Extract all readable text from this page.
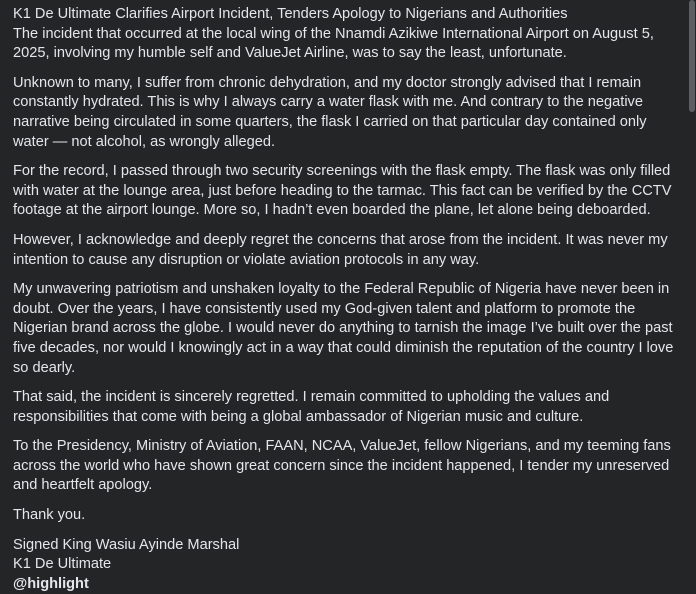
K1 De Ultimate Clarifies Airport Incident, Tenders Apology to Nigerians and Authorities
The incident that occurred at the local wing of the Nnamdi Azikiwe International Airport on August 5, 2025, involving my humble self and ValueJet Airline, was to say the least, unfortunate.

Unknown to many, I suffer from chronic dehydration, and my doctor strongly advised that I remain constantly hydrated. This is why I always carry a water flask with me. And contrary to the negative narrative being circulated in some quarters, the flask I carried on that particular day contained only water — not alcohol, as wrongly alleged.

For the record, I passed through two security screenings with the flask empty. The flask was only filled with water at the lounge area, just before heading to the tarmac. This fact can be verified by the CCTV footage at the airport lounge. More so, I hadn’t even boarded the plane, let alone being deboarded.

However, I acknowledge and deeply regret the concerns that arose from the incident. It was never my intention to cause any disruption or violate aviation protocols in any way.

My unwavering patriotism and unshaken loyalty to the Federal Republic of Nigeria have never been in doubt. Over the years, I have consistently used my God-given talent and platform to promote the Nigerian brand across the globe. I would never do anything to tarnish the image I’ve built over the past five decades, nor would I knowingly act in a way that could diminish the reputation of the country I love so dearly.

That said, the incident is sincerely regretted. I remain committed to upholding the values and responsibilities that come with being a global ambassador of Nigerian music and culture.

To the Presidency, Ministry of Aviation, FAAN, NCAA, ValueJet, fellow Nigerians, and my teeming fans across the world who have shown great concern since the incident happened, I tender my unreserved and heartfelt apology.

Thank you.

Signed King Wasiu Ayinde Marshal

K1 De Ultimate

@highlight
